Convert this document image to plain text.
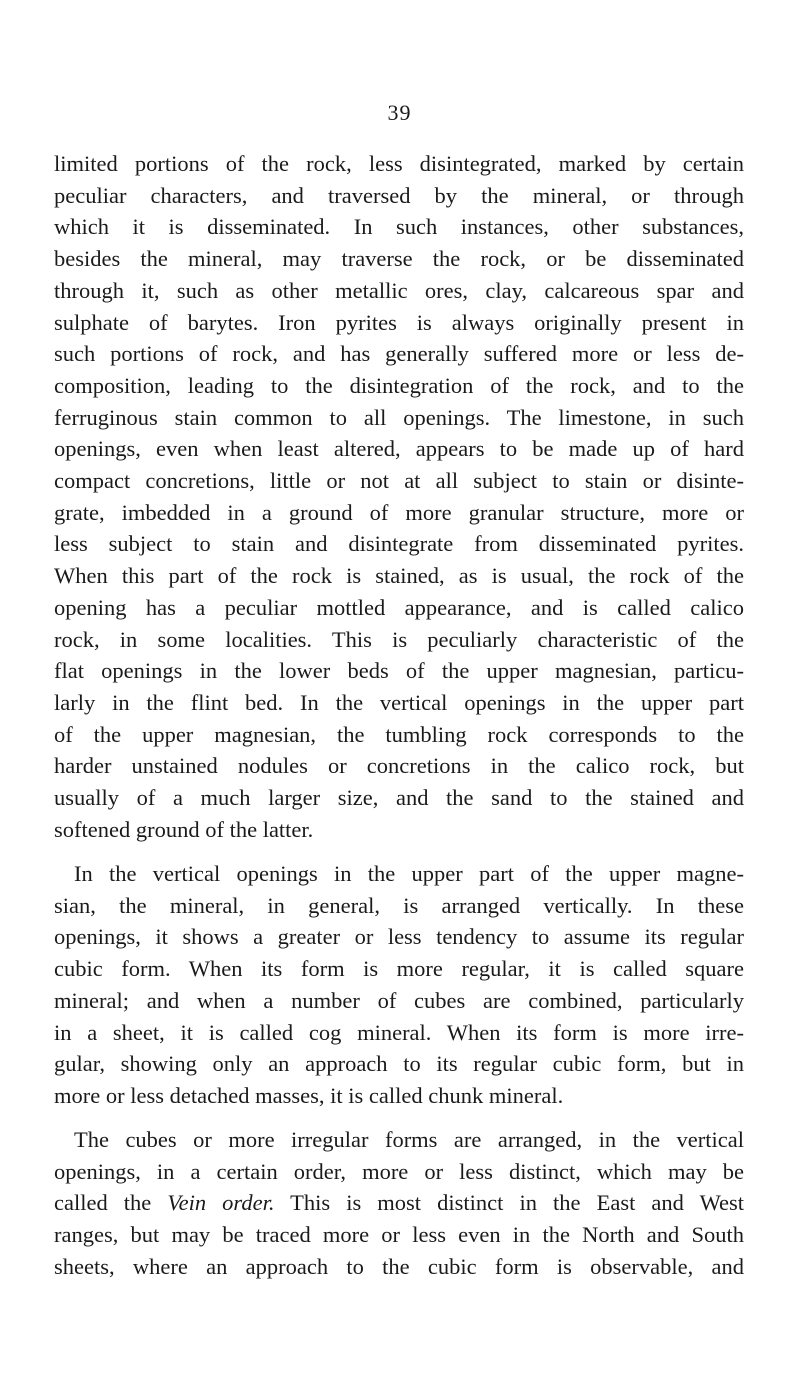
39
limited portions of the rock, less disintegrated, marked by certain
peculiar characters, and traversed by the mineral, or through
which it is disseminated. In such instances, other substances,
besides the mineral, may traverse the rock, or be disseminated
through it, such as other metallic ores, clay, calcareous spar and
sulphate of barytes. Iron pyrites is always originally present in
such portions of rock, and has generally suffered more or less de-
composition, leading to the disintegration of the rock, and to the
ferruginous stain common to all openings. The limestone, in such
openings, even when least altered, appears to be made up of hard
compact concretions, little or not at all subject to stain or disinte-
grate, imbedded in a ground of more granular structure, more or
less subject to stain and disintegrate from disseminated pyrites.
When this part of the rock is stained, as is usual, the rock of the
opening has a peculiar mottled appearance, and is called calico
rock, in some localities. This is peculiarly characteristic of the
flat openings in the lower beds of the upper magnesian, particu-
larly in the flint bed. In the vertical openings in the upper part
of the upper magnesian, the tumbling rock corresponds to the
harder unstained nodules or concretions in the calico rock, but
usually of a much larger size, and the sand to the stained and
softened ground of the latter.
In the vertical openings in the upper part of the upper magne-
sian, the mineral, in general, is arranged vertically. In these
openings, it shows a greater or less tendency to assume its regular
cubic form. When its form is more regular, it is called square
mineral; and when a number of cubes are combined, particularly
in a sheet, it is called cog mineral. When its form is more irre-
gular, showing only an approach to its regular cubic form, but in
more or less detached masses, it is called chunk mineral.
The cubes or more irregular forms are arranged, in the vertical
openings, in a certain order, more or less distinct, which may be
called the Vein order. This is most distinct in the East and West
ranges, but may be traced more or less even in the North and South
sheets, where an approach to the cubic form is observable, and
